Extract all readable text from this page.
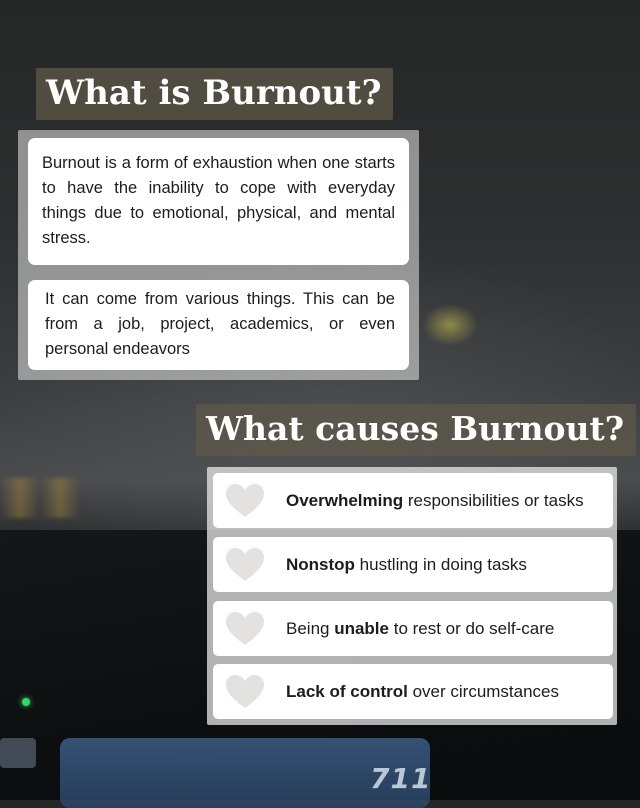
711
What is Burnout?
Burnout is a form of exhaustion when one starts to have the inability to cope with everyday things due to emotional, physical, and mental stress.
It can come from various things. This can be from a job, project, academics, or even personal endeavors
What causes Burnout?
Overwhelming responsibilities or tasks
Nonstop hustling in doing tasks
Being unable to rest or do self-care
Lack of control over circumstances
